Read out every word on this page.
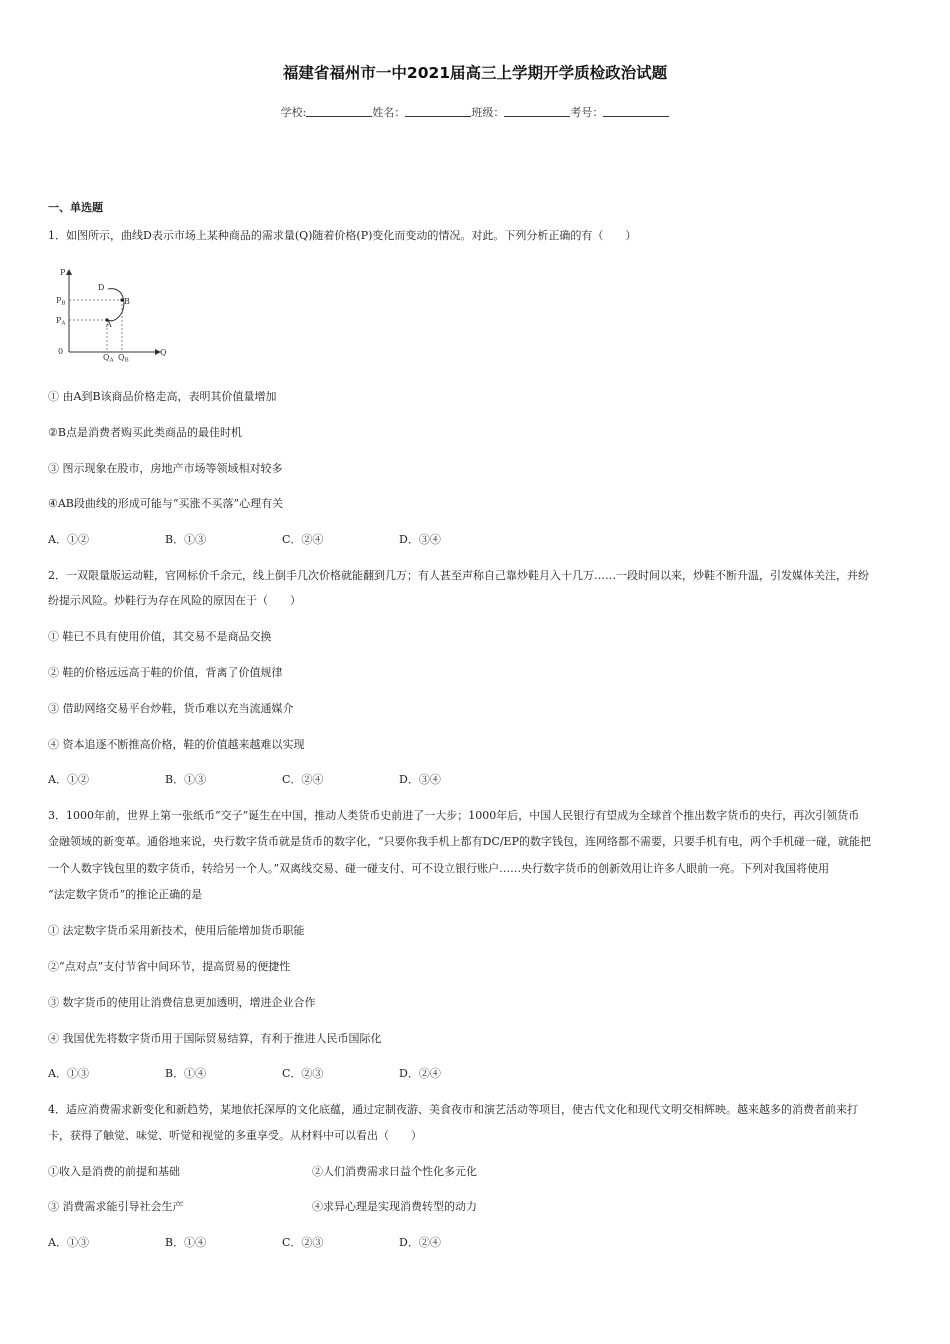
福建省福州市一中2021届高三上学期开学质检政治试题
学校:	姓名：	班级：	考号：
一、单选题
1．如图所示，曲线D表示市场上某种商品的需求量(Q)随着价格(P)变化而变动的情况。对此。下列分析正确的有（　　）
P
Q
0
D
B
A
PB
PA
QA QB
① 由A到B该商品价格走高，表明其价值量增加
②B点是消费者购买此类商品的最佳时机
③ 图示现象在股市，房地产市场等领域相对较多
④AB段曲线的形成可能与“买涨不买落”心理有关
A．①②	B．①③	C．②④	D．③④
2．一双限量版运动鞋，官网标价千余元，线上倒手几次价格就能翻到几万；有人甚至声称自己靠炒鞋月入十几万……一段时间以来，炒鞋不断升温，引发媒体关注，并纷
纷提示风险。炒鞋行为存在风险的原因在于（　　）
① 鞋已不具有使用价值，其交易不是商品交换
② 鞋的价格远远高于鞋的价值，背离了价值规律
③ 借助网络交易平台炒鞋，货币难以充当流通媒介
④ 资本追逐不断推高价格，鞋的价值越来越难以实现
A．①②	B．①③	C．②④	D．③④
3．1000年前，世界上第一张纸币“交子”诞生在中国，推动人类货币史前进了一大步；1000年后，中国人民银行有望成为全球首个推出数字货币的央行，再次引领货币
金融领域的新变革。通俗地来说，央行数字货币就是货币的数字化，“只要你我手机上都有DC/EP的数字钱包，连网络都不需要，只要手机有电，两个手机碰一碰，就能把
一个人数字钱包里的数字货币，转给另一个人。”双离线交易、碰一碰支付、可不设立银行账户……央行数字货币的创新效用让许多人眼前一亮。下列对我国将使用
“法定数字货币”的推论正确的是
① 法定数字货币采用新技术，使用后能增加货币职能
②“点对点”支付节省中间环节，提高贸易的便捷性
③ 数字货币的使用让消费信息更加透明，增进企业合作
④ 我国优先将数字货币用于国际贸易结算，有利于推进人民币国际化
A．①③	B．①④	C．②③	D．②④
4．适应消费需求新变化和新趋势，某地依托深厚的文化底蕴，通过定制夜游、美食夜市和演艺活动等项目，使古代文化和现代文明交相辉映。越来越多的消费者前来打
卡，获得了触觉、味觉、听觉和视觉的多重享受。从材料中可以看出（　　）
①收入是消费的前提和基础	②人们消费需求日益个性化多元化
③ 消费需求能引导社会生产	④求异心理是实现消费转型的动力
A．①③	B．①④	C．②③	D．②④
